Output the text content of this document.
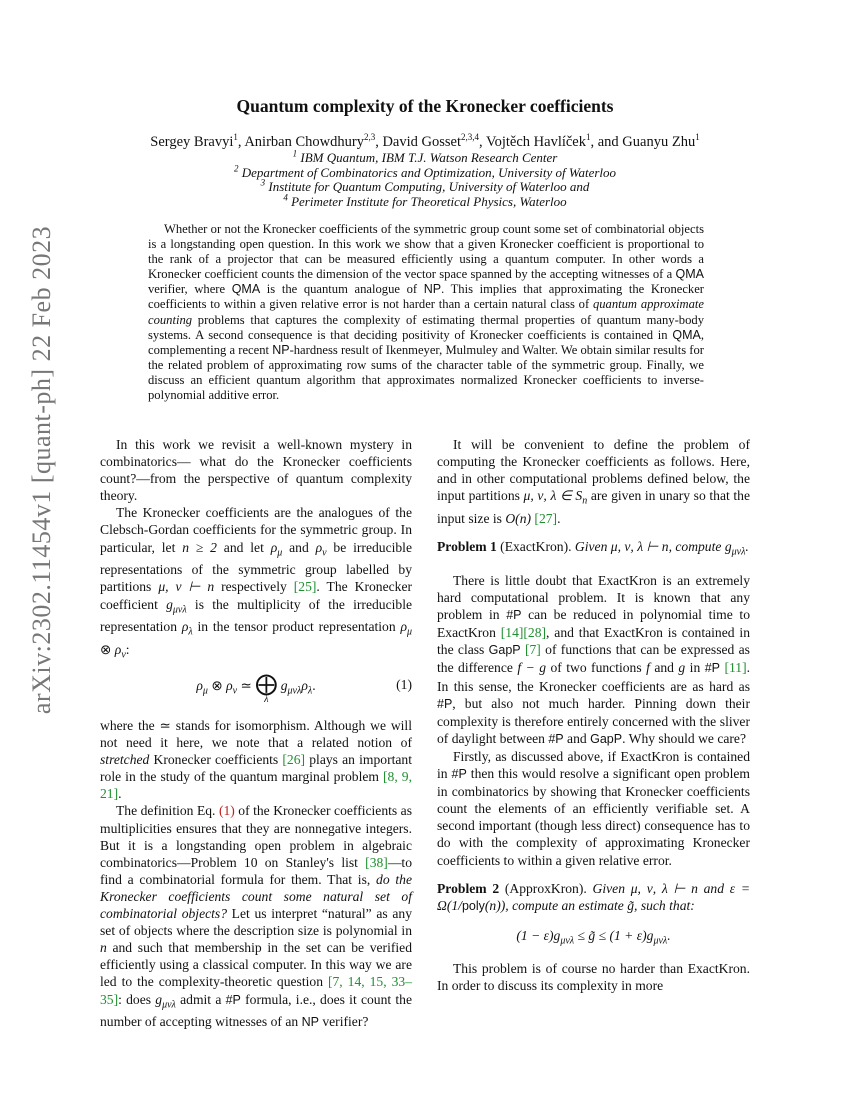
arXiv:2302.11454v1 [quant-ph] 22 Feb 2023
Quantum complexity of the Kronecker coefficients
Sergey Bravyi$^1$, Anirban Chowdhury$^{2,3}$, David Gosset$^{2,3,4}$, Vojtěch Havlíček$^1$, and Guanyu Zhu$^1$
$^1$ IBM Quantum, IBM T.J. Watson Research Center
$^2$ Department of Combinatorics and Optimization, University of Waterloo
$^3$ Institute for Quantum Computing, University of Waterloo and
$^4$ Perimeter Institute for Theoretical Physics, Waterloo
Whether or not the Kronecker coefficients of the symmetric group count some set of combinatorial objects is a longstanding open question. In this work we show that a given Kronecker coefficient is proportional to the rank of a projector that can be measured efficiently using a quantum computer. In other words a Kronecker coefficient counts the dimension of the vector space spanned by the accepting witnesses of a QMA verifier, where QMA is the quantum analogue of NP. This implies that approximating the Kronecker coefficients to within a given relative error is not harder than a certain natural class of quantum approximate counting problems that captures the complexity of estimating thermal properties of quantum many-body systems. A second consequence is that deciding positivity of Kronecker coefficients is contained in QMA, complementing a recent NP-hardness result of Ikenmeyer, Mulmuley and Walter. We obtain similar results for the related problem of approximating row sums of the character table of the symmetric group. Finally, we discuss an efficient quantum algorithm that approximates normalized Kronecker coefficients to inverse-polynomial additive error.

In this work we revisit a well-known mystery in combinatorics— what do the Kronecker coefficients count?—from the perspective of quantum complexity theory.

The Kronecker coefficients are the analogues of the Clebsch-Gordan coefficients for the symmetric group. In particular, let n ≥ 2 and let $\rho_\mu$ and $\rho_\nu$ be irreducible representations of the symmetric group labelled by partitions μ, ν ⊢ n respectively [25]. The Kronecker coefficient $g_{\mu\nu\lambda}$ is the multiplicity of the irreducible representation $\rho_\lambda$ in the tensor product representation $\rho_\mu$ ⊗ $\rho_\nu$:

$\rho_\mu$ ⊗ $\rho_\nu$ ≃ ⨁
λ $g_{\mu\nu\lambda}\rho_\lambda$.	(1)

where the ≃ stands for isomorphism. Although we will not need it here, we note that a related notion of stretched Kronecker coefficients [26] plays an important role in the study of the quantum marginal problem [8, 9, 21].

The definition Eq. (1) of the Kronecker coefficients as multiplicities ensures that they are nonnegative integers. But it is a longstanding open problem in algebraic combinatorics—Problem 10 on Stanley's list [38]—to find a combinatorial formula for them. That is, do the Kronecker coefficients count some natural set of combinatorial objects? Let us interpret “natural” as any set of objects where the description size is polynomial in n and such that membership in the set can be verified efficiently using a classical computer. In this way we are led to the complexity-theoretic question [7, 14, 15, 33–35]: does $g_{\mu\nu\lambda}$ admit a #P formula, i.e., does it count the number of accepting witnesses of an NP verifier?

It will be convenient to define the problem of computing the Kronecker coefficients as follows. Here, and in other computational problems defined below, the input partitions μ, ν, λ ∈ $S_n$ are given in unary so that the input size is O(n) [27].

Problem 1 (ExactKron). Given μ, ν, λ ⊢ n, compute $g_{\mu\nu\lambda}$.

There is little doubt that ExactKron is an extremely hard computational problem. It is known that any problem in #P can be reduced in polynomial time to ExactKron [14][28], and that ExactKron is contained in the class GapP [7] of functions that can be expressed as the difference f − g of two functions f and g in #P [11]. In this sense, the Kronecker coefficients are as hard as #P, but also not much harder. Pinning down their complexity is therefore entirely concerned with the sliver of daylight between #P and GapP. Why should we care?

Firstly, as discussed above, if ExactKron is contained in #P then this would resolve a significant open problem in combinatorics by showing that Kronecker coefficients count the elements of an efficiently verifiable set. A second important (though less direct) consequence has to do with the complexity of approximating Kronecker coefficients to within a given relative error.

Problem 2 (ApproxKron). Given μ, ν, λ ⊢ n and ε = Ω(1/poly(n)), compute an estimate g̃, such that:

$(1 - \varepsilon)g_{\mu\nu\lambda}$ ≤ g̃ ≤ $(1 + \varepsilon)g_{\mu\nu\lambda}$.

This problem is of course no harder than ExactKron. In order to discuss its complexity in more
